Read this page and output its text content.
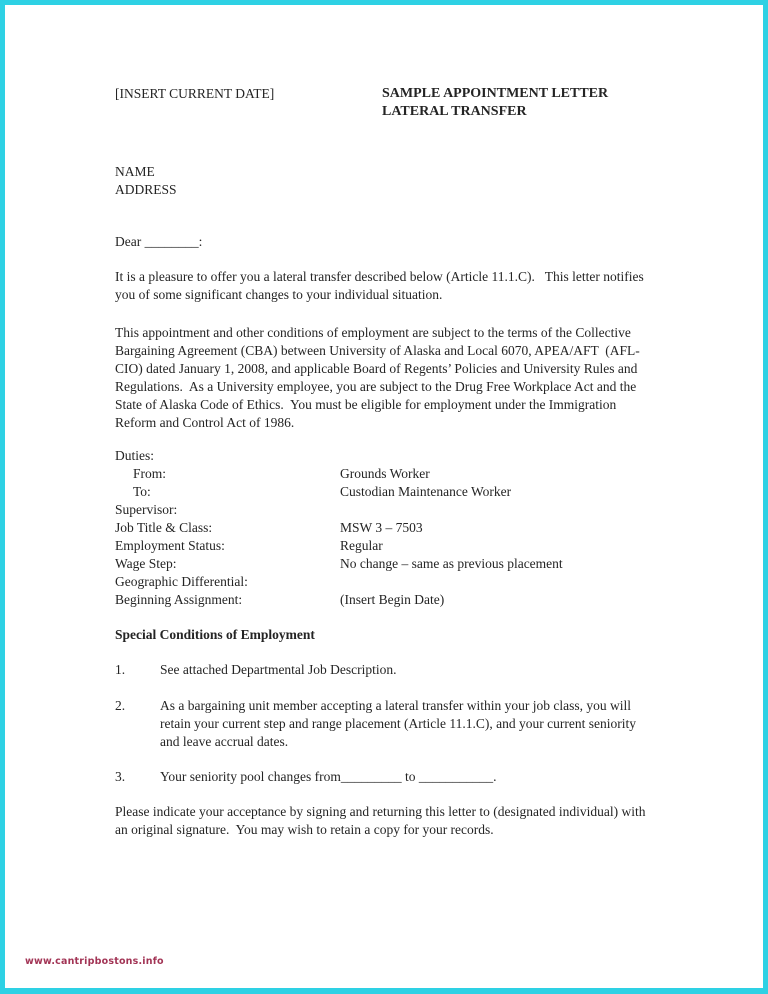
[INSERT CURRENT DATE]	SAMPLE APPOINTMENT LETTER
LATERAL TRANSFER
NAME
ADDRESS

Dear ________:

It is a pleasure to offer you a lateral transfer described below (Article 11.1.C).   This letter notifies you of some significant changes to your individual situation.

This appointment and other conditions of employment are subject to the terms of the Collective Bargaining Agreement (CBA) between University of Alaska and Local 6070, APEA/AFT  (AFL-CIO) dated January 1, 2008, and applicable Board of Regents’ Policies and University Rules and Regulations.  As a University employee, you are subject to the Drug Free Workplace Act and the State of Alaska Code of Ethics.  You must be eligible for employment under the Immigration Reform and Control Act of 1986.

Duties:
From:	Grounds Worker
To:	Custodian Maintenance Worker
Supervisor:
Job Title & Class:	MSW 3 – 7503
Employment Status:	Regular
Wage Step:	No change – same as previous placement
Geographic Differential:
Beginning Assignment:	(Insert Begin Date)

Special Conditions of Employment

1.	See attached Departmental Job Description.
2.	As a bargaining unit member accepting a lateral transfer within your job class, you will retain your current step and range placement (Article 11.1.C), and your current seniority and leave accrual dates.
3.	Your seniority pool changes from_________ to ___________.

Please indicate your acceptance by signing and returning this letter to (designated individual) with an original signature.  You may wish to retain a copy for your records.

www.cantripbostons.info
